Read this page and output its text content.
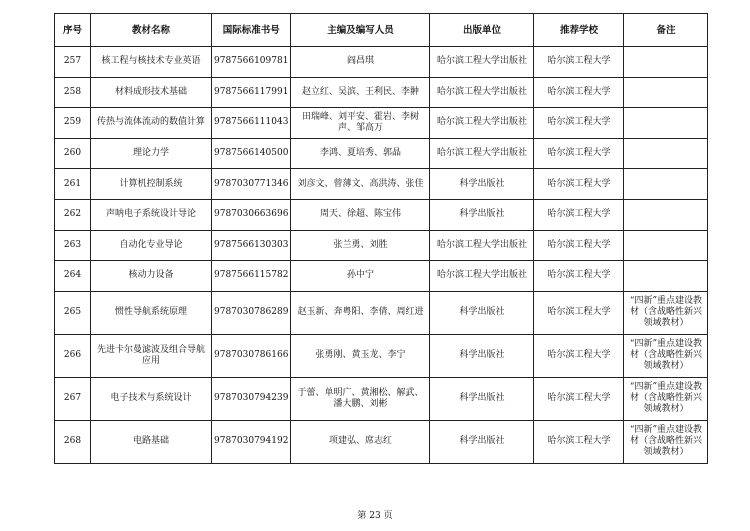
序号	教材名称	国际标准书号	主编及编写人员	出版单位	推荐学校	备注
257	核工程与核技术专业英语	9787566109781	阎昌琪	哈尔滨工程大学出版社	哈尔滨工程大学	
258	材料成形技术基础	9787566117991	赵立红、吴滨、王利民、李翀	哈尔滨工程大学出版社	哈尔滨工程大学	
259	传热与流体流动的数值计算	9787566111043	田瑞峰、刘平安、霍岩、李树声、邹高万	哈尔滨工程大学出版社	哈尔滨工程大学	
260	理论力学	9787566140500	李鸿、夏培秀、郭晶	哈尔滨工程大学出版社	哈尔滨工程大学	
261	计算机控制系统	9787030771346	刘彦文、曾薄文、高洪涛、张佳	科学出版社	哈尔滨工程大学	
262	声呐电子系统设计导论	9787030663696	周天、徐超、陈宝伟	科学出版社	哈尔滨工程大学	
263	自动化专业导论	9787566130303	张兰勇、刘胜	哈尔滨工程大学出版社	哈尔滨工程大学	
264	核动力设备	9787566115782	孙中宁	哈尔滨工程大学出版社	哈尔滨工程大学	
265	惯性导航系统原理	9787030786289	赵玉新、奔粤阳、李倩、周红进	科学出版社	哈尔滨工程大学	“四新”重点建设教材（含战略性新兴领域教材）
266	先进卡尔曼滤波及组合导航应用	9787030786166	张勇刚、黄玉龙、李宁	科学出版社	哈尔滨工程大学	“四新”重点建设教材（含战略性新兴领域教材）
267	电子技术与系统设计	9787030794239	于蕾、单明广、黄湘松、解武、潘大鹏、刘彬	科学出版社	哈尔滨工程大学	“四新”重点建设教材（含战略性新兴领域教材）
268	电路基础	9787030794192	项建弘、席志红	科学出版社	哈尔滨工程大学	“四新”重点建设教材（含战略性新兴领域教材）
第 23 页
